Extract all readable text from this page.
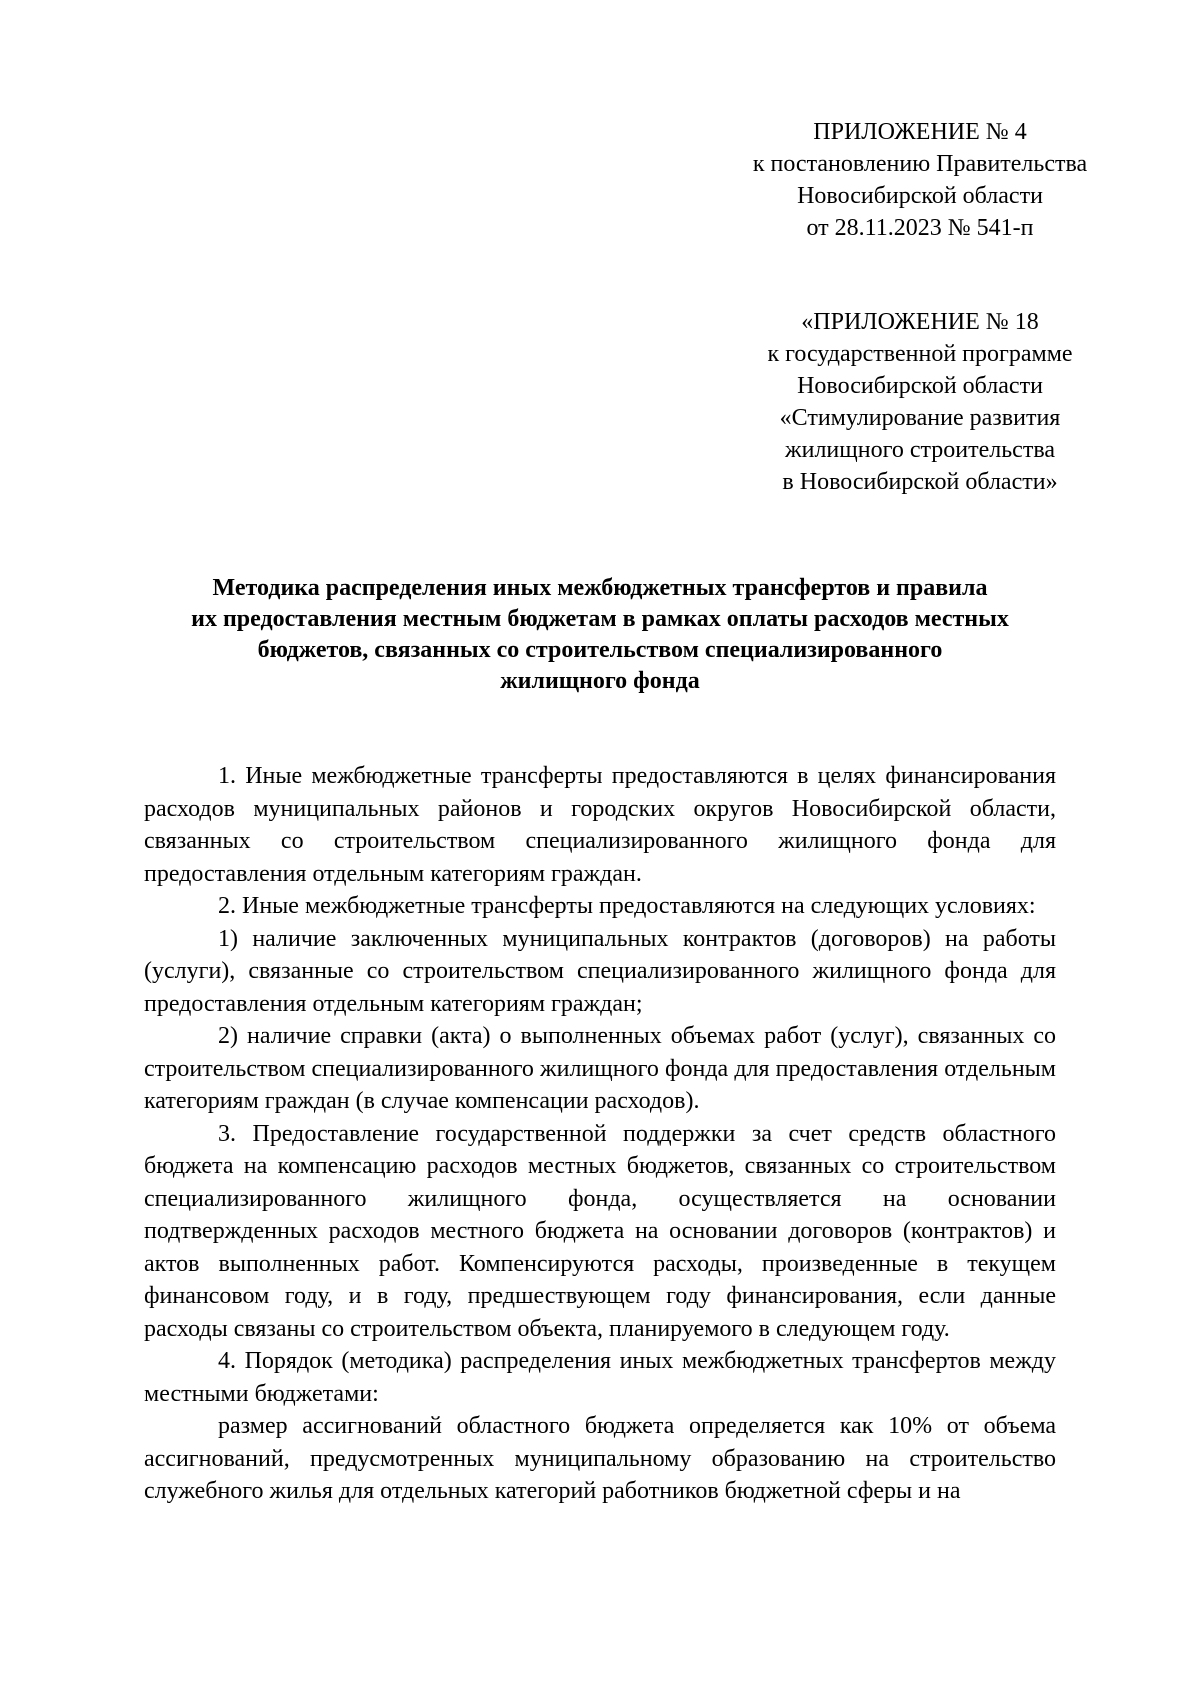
ПРИЛОЖЕНИЕ № 4
к постановлению Правительства
Новосибирской области
от 28.11.2023 № 541-п
«ПРИЛОЖЕНИЕ № 18
к государственной программе
Новосибирской области
«Стимулирование развития
жилищного строительства
в Новосибирской области»
Методика распределения иных межбюджетных трансфертов и правила
их предоставления местным бюджетам в рамках оплаты расходов местных
бюджетов, связанных со строительством специализированного
жилищного фонда

1. Иные межбюджетные трансферты предоставляются в целях финансирования расходов муниципальных районов и городских округов Новосибирской области, связанных со строительством специализированного жилищного фонда для предоставления отдельным категориям граждан.

2. Иные межбюджетные трансферты предоставляются на следующих условиях:

1) наличие заключенных муниципальных контрактов (договоров) на работы (услуги), связанные со строительством специализированного жилищного фонда для предоставления отдельным категориям граждан;

2) наличие справки (акта) о выполненных объемах работ (услуг), связанных со строительством специализированного жилищного фонда для предоставления отдельным категориям граждан (в случае компенсации расходов).

3. Предоставление государственной поддержки за счет средств областного бюджета на компенсацию расходов местных бюджетов, связанных со строительством специализированного жилищного фонда, осуществляется на основании подтвержденных расходов местного бюджета на основании договоров (контрактов) и актов выполненных работ. Компенсируются расходы, произведенные в текущем финансовом году, и в году, предшествующем году финансирования, если данные расходы связаны со строительством объекта, планируемого в следующем году.

4. Порядок (методика) распределения иных межбюджетных трансфертов между местными бюджетами:

размер ассигнований областного бюджета определяется как 10% от объема ассигнований, предусмотренных муниципальному образованию на строительство служебного жилья для отдельных категорий работников бюджетной сферы и на
